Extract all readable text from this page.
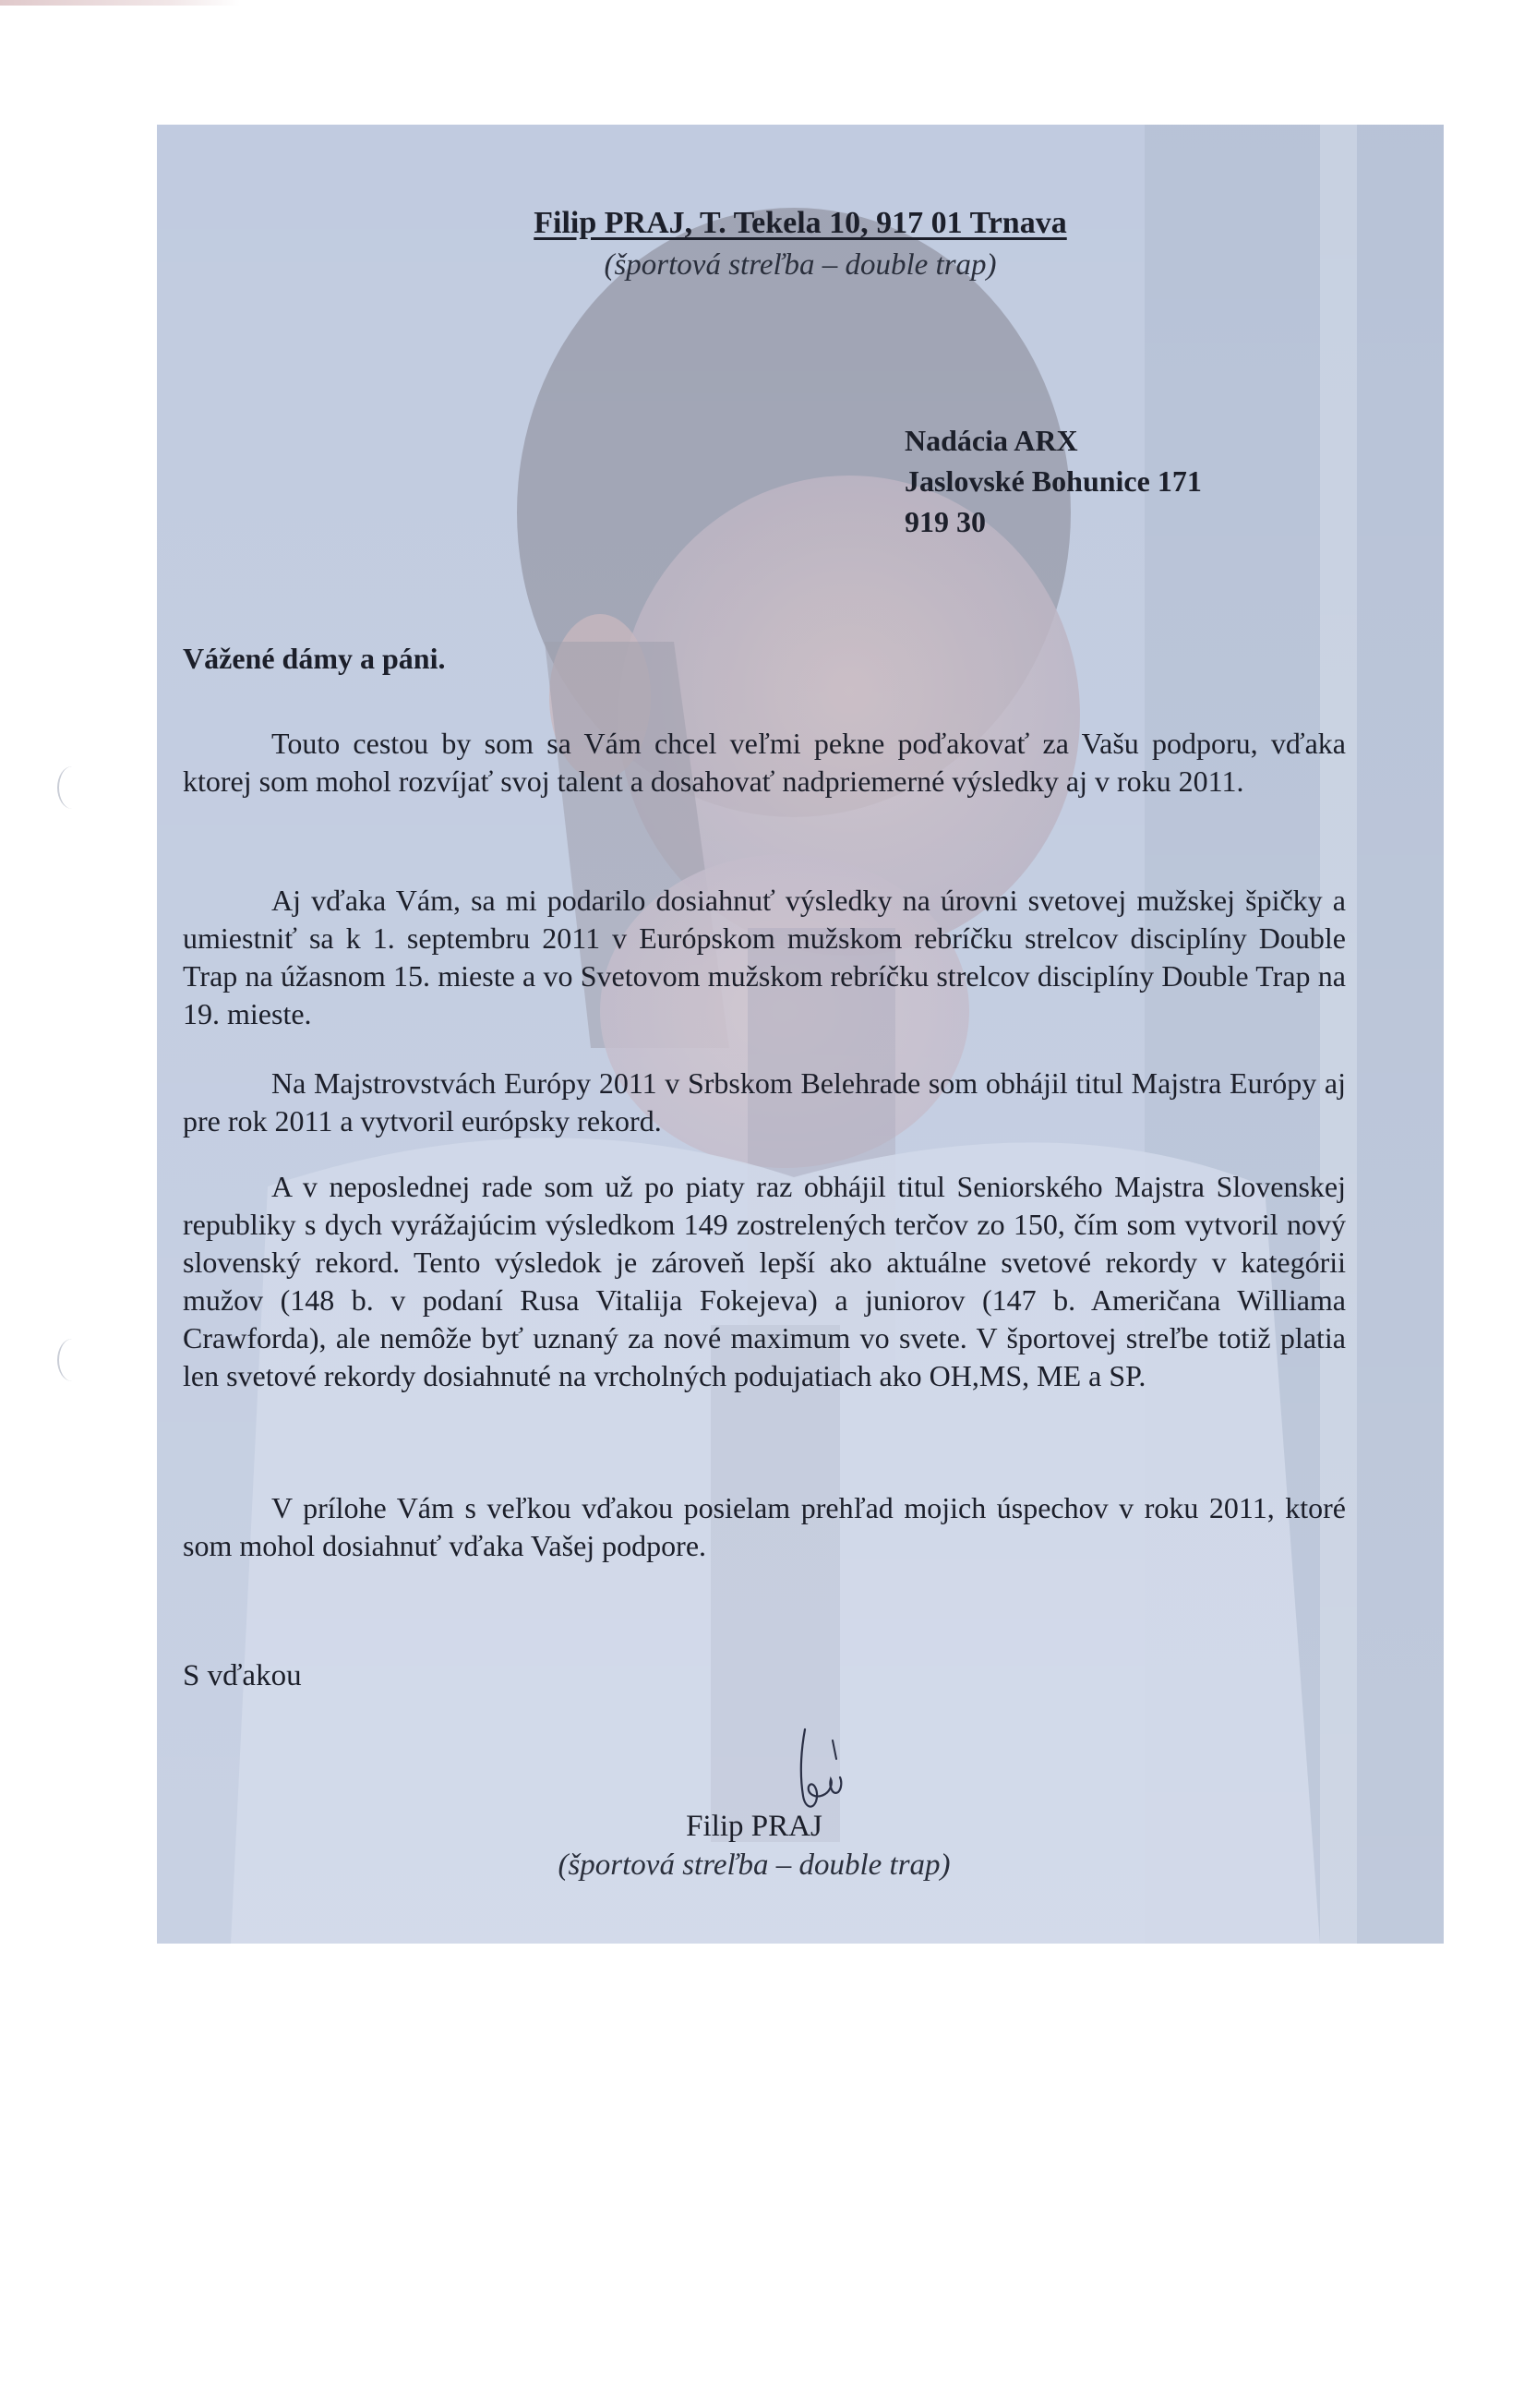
Filip PRAJ, T. Tekela 10, 917 01 Trnava
(športová streľba – double trap)
Nadácia ARX
Jaslovské Bohunice 171
919 30
Vážené dámy a páni.

Touto cestou by som sa Vám chcel veľmi pekne poďakovať za Vašu podporu, vďaka ktorej som mohol rozvíjať svoj talent a dosahovať nadpriemerné výsledky aj v roku 2011.

Aj vďaka Vám, sa mi podarilo dosiahnuť výsledky na úrovni svetovej mužskej špičky a umiestniť sa k 1. septembru 2011 v Európskom mužskom rebríčku strelcov disciplíny Double Trap na úžasnom 15. mieste a vo Svetovom mužskom rebríčku strelcov disciplíny Double Trap na 19. mieste.

Na Majstrovstvách Európy 2011 v Srbskom Belehrade som obhájil titul Majstra Európy aj pre rok 2011 a vytvoril európsky rekord.

A v neposlednej rade som už po piaty raz obhájil titul Seniorského Majstra Slovenskej republiky s dych vyrážajúcim výsledkom 149 zostrelených terčov zo 150, čím som vytvoril nový slovenský rekord. Tento výsledok je zároveň lepší ako aktuálne svetové rekordy v kategórii mužov (148 b. v podaní Rusa Vitalija Fokejeva) a juniorov (147 b. Američana Williama Crawforda), ale nemôže byť uznaný za nové maximum vo svete. V športovej streľbe totiž platia len svetové rekordy dosiahnuté na vrcholných podujatiach ako OH,MS, ME a SP.

V prílohe Vám s veľkou vďakou posielam prehľad mojich úspechov v roku 2011, ktoré som mohol dosiahnuť vďaka Vašej podpore.

S vďakou
Filip PRAJ
(športová streľba – double trap)
